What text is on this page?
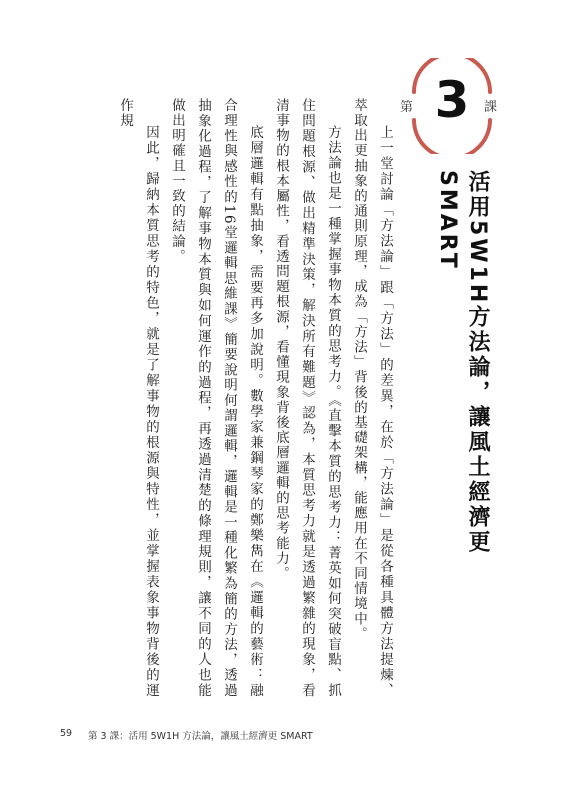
第 3 課
活用5W1H方法論，讓風土經濟更SMART

上一堂討論「方法論」跟「方法」的差異，在於「方法論」是從各種具體方法提煉、萃取出更抽象的通則原理，成為「方法」背後的基礎架構，能應用在不同情境中。

方法論也是一種掌握事物本質的思考力。《直擊本質的思考力：菁英如何突破盲點、抓住問題根源、做出精準決策，解決所有難題》認為，本質思考力就是透過繁雜的現象，看清事物的根本屬性，看透問題根源，看懂現象背後底層邏輯的思考能力。

底層邏輯有點抽象，需要再多加說明。數學家兼鋼琴家的鄭樂雋在《邏輯的藝術：融合理性與感性的16堂邏輯思維課》簡要說明何謂邏輯，邏輯是一種化繁為簡的方法，透過抽象化過程，了解事物本質與如何運作的過程，再透過清楚的條理規則，讓不同的人也能做出明確且一致的結論。

因此，歸納本質思考的特色，就是了解事物的根源與特性，並掌握表象事物背後的運作規

59 第 3 課：活用 5W1H 方法論，讓風土經濟更 SMART
